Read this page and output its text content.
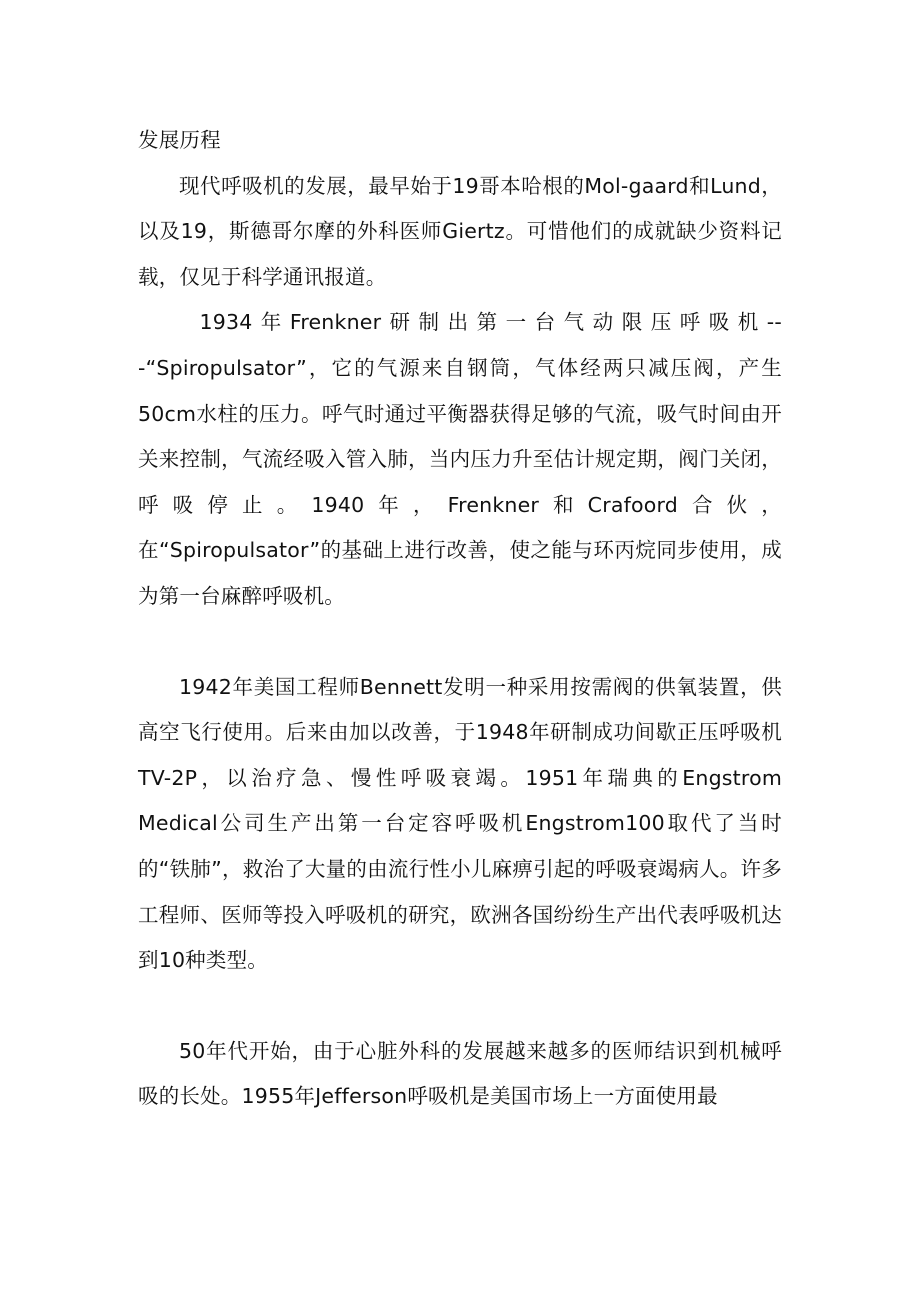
发展历程

现代呼吸机的发展，最早始于19哥本哈根的Mol-gaard和Lund，以及19，斯德哥尔摩的外科医师Giertz。可惜他们的成就缺少资料记载，仅见于科学通讯报道。

1934年Frenkner研制出第一台气动限压呼吸机---“Spiropulsator”，它的气源来自钢筒，气体经两只减压阀，产生50cm水柱的压力。呼气时通过平衡器获得足够的气流，吸气时间由开关来控制，气流经吸入管入肺，当内压力升至估计规定期，阀门关闭，呼吸停止。1940年，Frenkner和Crafoord合伙，在“Spiropulsator”的基础上进行改善，使之能与环丙烷同步使用，成为第一台麻醉呼吸机。

1942年美国工程师Bennett发明一种采用按需阀的供氧装置，供高空飞行使用。后来由加以改善，于1948年研制成功间歇正压呼吸机TV-2P，以治疗急、慢性呼吸衰竭。1951年瑞典的Engstrom Medical公司生产出第一台定容呼吸机Engstrom100取代了当时的“铁肺”，救治了大量的由流行性小儿麻痹引起的呼吸衰竭病人。许多工程师、医师等投入呼吸机的研究，欧洲各国纷纷生产出代表呼吸机达到10种类型。

50年代开始，由于心脏外科的发展越来越多的医师结识到机械呼吸的长处。1955年Jefferson呼吸机是美国市场上一方面使用最
